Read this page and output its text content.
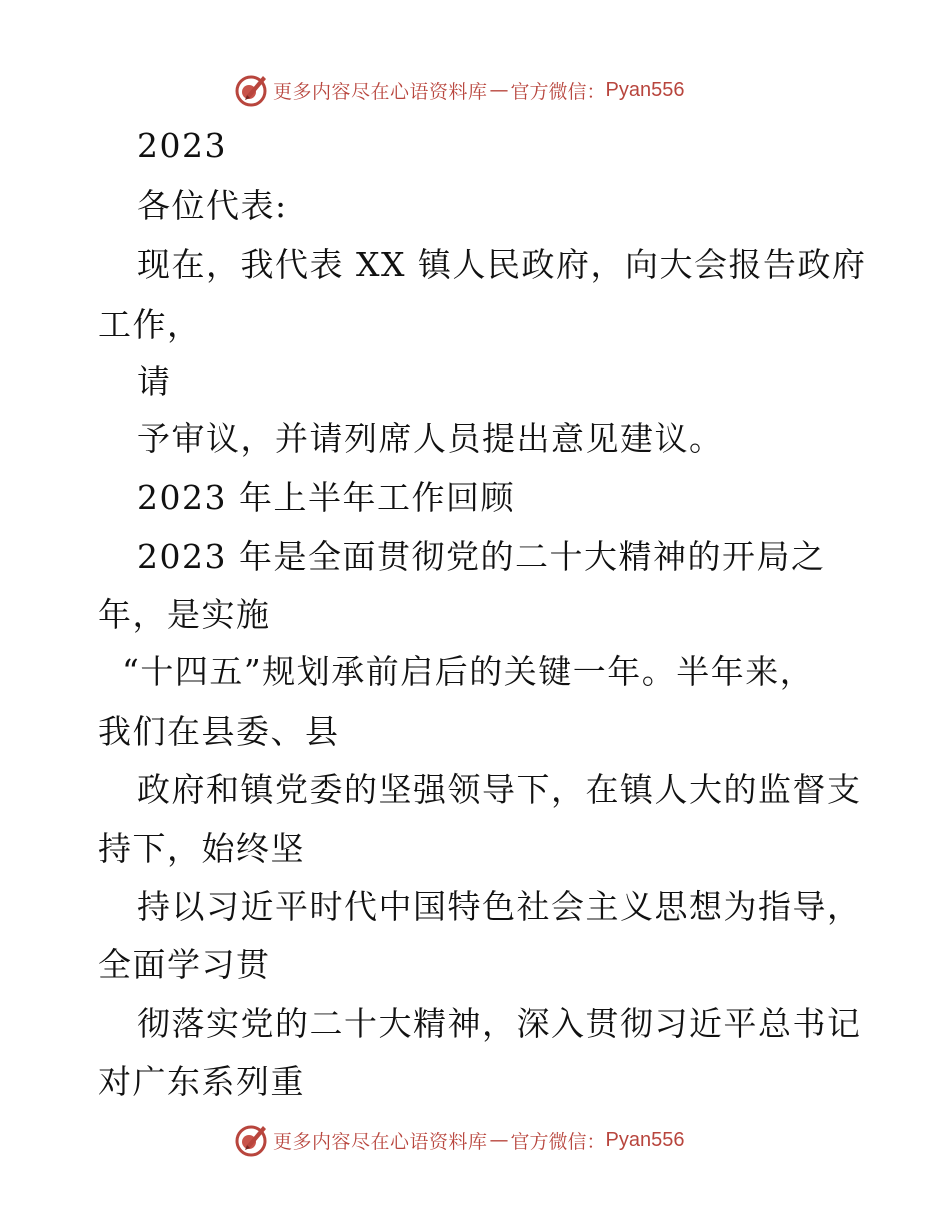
更多内容尽在心语资料库 — 官方微信： Pyan556
2023
各位代表:
现在，我代表 XX 镇人民政府，向大会报告政府
工作，
请
予审议，并请列席人员提出意见建议。
2023 年上半年工作回顾
2023 年是全面贯彻党的二十大精神的开局之
年，是实施
“十四五”规划承前启后的关键一年。半年来，
我们在县委、县
政府和镇党委的坚强领导下，在镇人大的监督支
持下，始终坚
持以习近平时代中国特色社会主义思想为指导，
全面学习贯
彻落实党的二十大精神，深入贯彻习近平总书记
对广东系列重
更多内容尽在心语资料库 — 官方微信： Pyan556
